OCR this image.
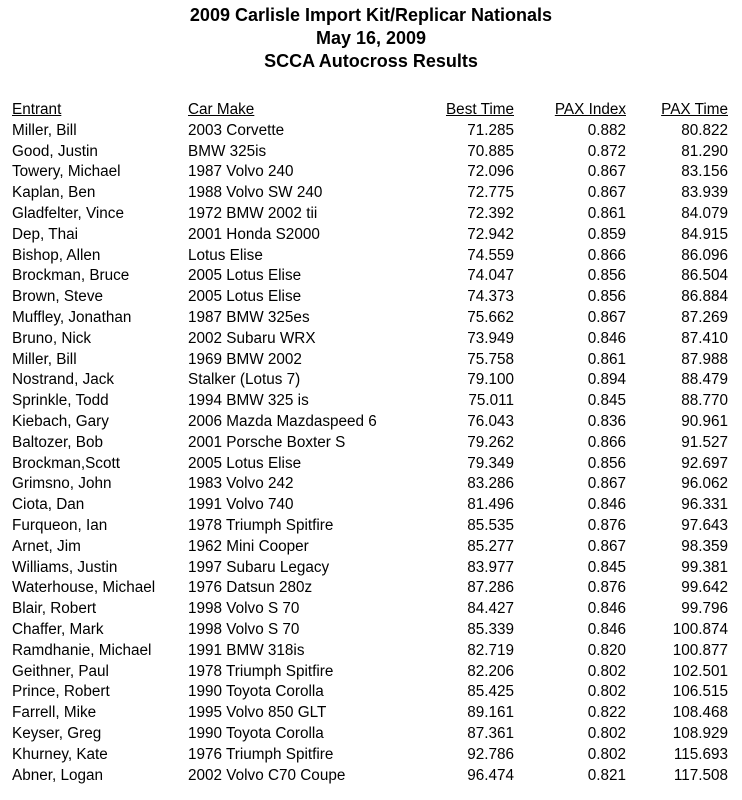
2009 Carlisle Import Kit/Replicar Nationals
May 16, 2009
SCCA Autocross Results
Entrant	Car Make	Best Time	PAX Index	PAX Time
Miller, Bill	2003 Corvette	71.285	0.882	80.822
Good, Justin	BMW 325is	70.885	0.872	81.290
Towery, Michael	1987 Volvo 240	72.096	0.867	83.156
Kaplan, Ben	1988 Volvo SW 240	72.775	0.867	83.939
Gladfelter, Vince	1972 BMW 2002 tii	72.392	0.861	84.079
Dep, Thai	2001 Honda S2000	72.942	0.859	84.915
Bishop, Allen	Lotus Elise	74.559	0.866	86.096
Brockman, Bruce	2005 Lotus Elise	74.047	0.856	86.504
Brown, Steve	2005 Lotus Elise	74.373	0.856	86.884
Muffley, Jonathan	1987 BMW 325es	75.662	0.867	87.269
Bruno, Nick	2002 Subaru WRX	73.949	0.846	87.410
Miller, Bill	1969 BMW 2002	75.758	0.861	87.988
Nostrand, Jack	Stalker (Lotus 7)	79.100	0.894	88.479
Sprinkle, Todd	1994 BMW 325 is	75.011	0.845	88.770
Kiebach, Gary	2006 Mazda Mazdaspeed 6	76.043	0.836	90.961
Baltozer, Bob	2001 Porsche Boxter S	79.262	0.866	91.527
Brockman,Scott	2005 Lotus Elise	79.349	0.856	92.697
Grimsno, John	1983 Volvo 242	83.286	0.867	96.062
Ciota, Dan	1991 Volvo 740	81.496	0.846	96.331
Furqueon, Ian	1978 Triumph Spitfire	85.535	0.876	97.643
Arnet, Jim	1962 Mini Cooper	85.277	0.867	98.359
Williams, Justin	1997 Subaru Legacy	83.977	0.845	99.381
Waterhouse, Michael	1976 Datsun 280z	87.286	0.876	99.642
Blair, Robert	1998 Volvo S 70	84.427	0.846	99.796
Chaffer, Mark	1998 Volvo S 70	85.339	0.846	100.874
Ramdhanie, Michael	1991 BMW 318is	82.719	0.820	100.877
Geithner, Paul	1978 Triumph Spitfire	82.206	0.802	102.501
Prince, Robert	1990 Toyota Corolla	85.425	0.802	106.515
Farrell, Mike	1995 Volvo 850 GLT	89.161	0.822	108.468
Keyser, Greg	1990 Toyota Corolla	87.361	0.802	108.929
Khurney, Kate	1976 Triumph Spitfire	92.786	0.802	115.693
Abner, Logan	2002 Volvo C70 Coupe	96.474	0.821	117.508
